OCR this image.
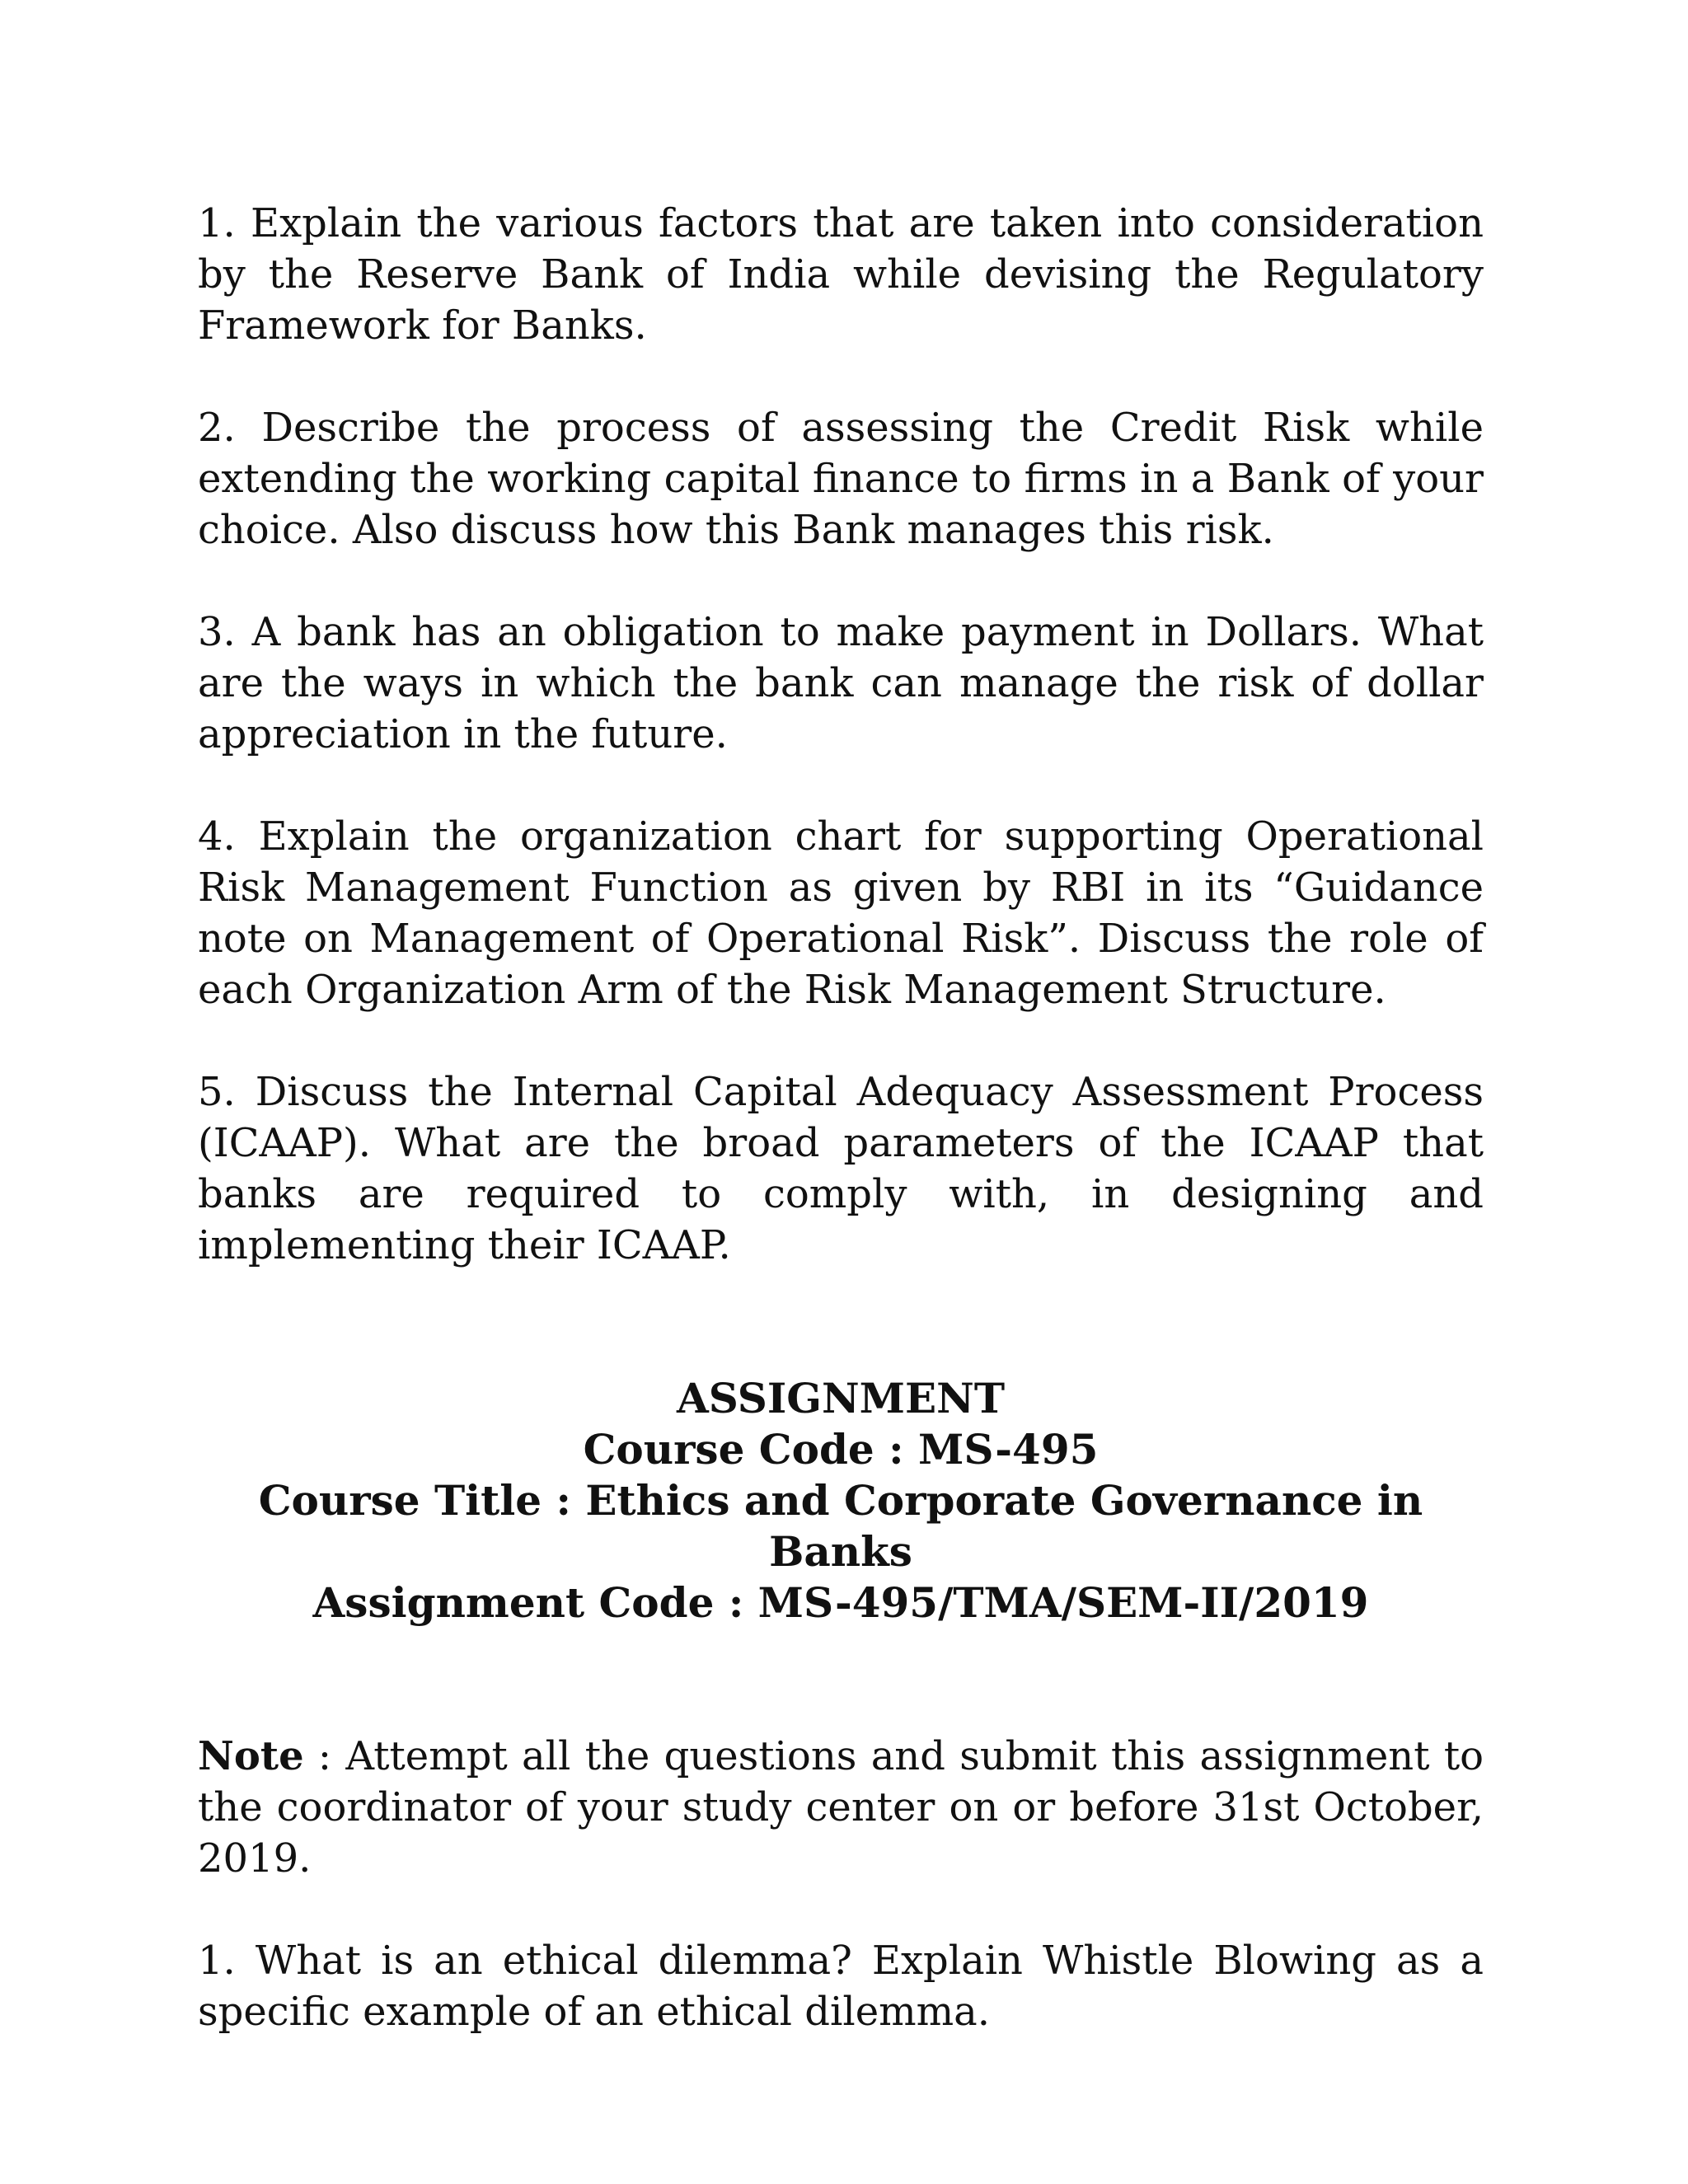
1. Explain the various factors that are taken into consideration by the Reserve Bank of India while devising the Regulatory Framework for Banks.

2. Describe the process of assessing the Credit Risk while extending the working capital finance to firms in a Bank of your choice. Also discuss how this Bank manages this risk.

3. A bank has an obligation to make payment in Dollars. What are the ways in which the bank can manage the risk of dollar appreciation in the future.

4. Explain the organization chart for supporting Operational Risk Management Function as given by RBI in its “Guidance note on Management of Operational Risk”. Discuss the role of each Organization Arm of the Risk Management Structure.

5. Discuss the Internal Capital Adequacy Assessment Process (ICAAP). What are the broad parameters of the ICAAP that banks are required to comply with, in designing and implementing their ICAAP.

ASSIGNMENT
Course Code : MS-495
Course Title : Ethics and Corporate Governance in Banks
Assignment Code : MS-495/TMA/SEM-II/2019

Note : Attempt all the questions and submit this assignment to the coordinator of your study center on or before 31st October, 2019.

1. What is an ethical dilemma? Explain Whistle Blowing as a specific example of an ethical dilemma.
